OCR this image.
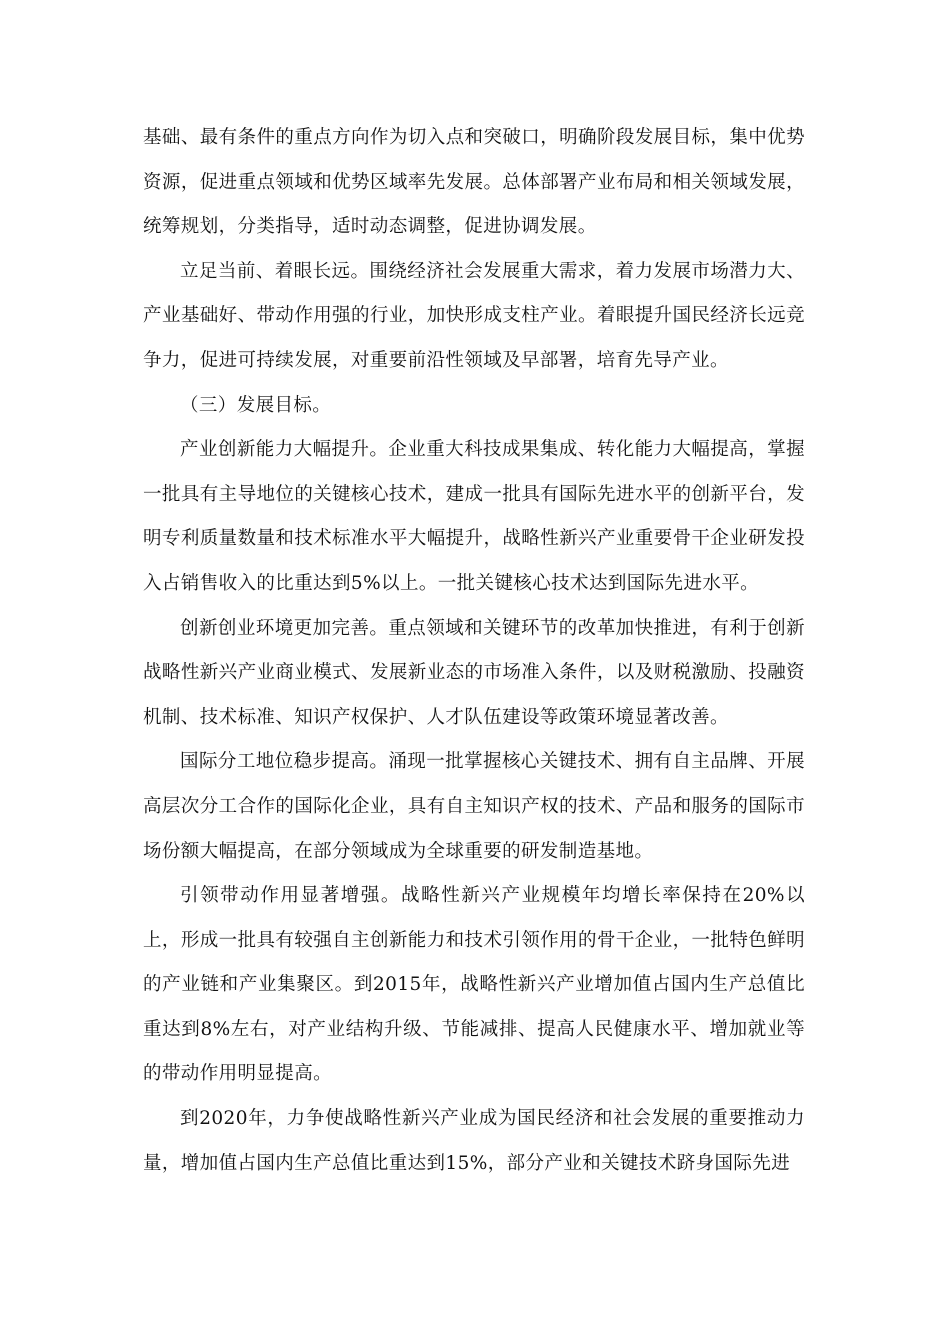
基础、最有条件的重点方向作为切入点和突破口，明确阶段发展目标，集中优势资源，促进重点领域和优势区域率先发展。总体部署产业布局和相关领域发展，统筹规划，分类指导，适时动态调整，促进协调发展。

立足当前、着眼长远。围绕经济社会发展重大需求，着力发展市场潜力大、产业基础好、带动作用强的行业，加快形成支柱产业。着眼提升国民经济长远竞争力，促进可持续发展，对重要前沿性领域及早部署，培育先导产业。

（三）发展目标。

产业创新能力大幅提升。企业重大科技成果集成、转化能力大幅提高，掌握一批具有主导地位的关键核心技术，建成一批具有国际先进水平的创新平台，发明专利质量数量和技术标准水平大幅提升，战略性新兴产业重要骨干企业研发投入占销售收入的比重达到5%以上。一批关键核心技术达到国际先进水平。

创新创业环境更加完善。重点领域和关键环节的改革加快推进，有利于创新战略性新兴产业商业模式、发展新业态的市场准入条件，以及财税激励、投融资机制、技术标准、知识产权保护、人才队伍建设等政策环境显著改善。

国际分工地位稳步提高。涌现一批掌握核心关键技术、拥有自主品牌、开展高层次分工合作的国际化企业，具有自主知识产权的技术、产品和服务的国际市场份额大幅提高，在部分领域成为全球重要的研发制造基地。

引领带动作用显著增强。战略性新兴产业规模年均增长率保持在20%以上，形成一批具有较强自主创新能力和技术引领作用的骨干企业，一批特色鲜明的产业链和产业集聚区。到2015年，战略性新兴产业增加值占国内生产总值比重达到8%左右，对产业结构升级、节能减排、提高人民健康水平、增加就业等的带动作用明显提高。

到2020年，力争使战略性新兴产业成为国民经济和社会发展的重要推动力量，增加值占国内生产总值比重达到15%，部分产业和关键技术跻身国际先进
